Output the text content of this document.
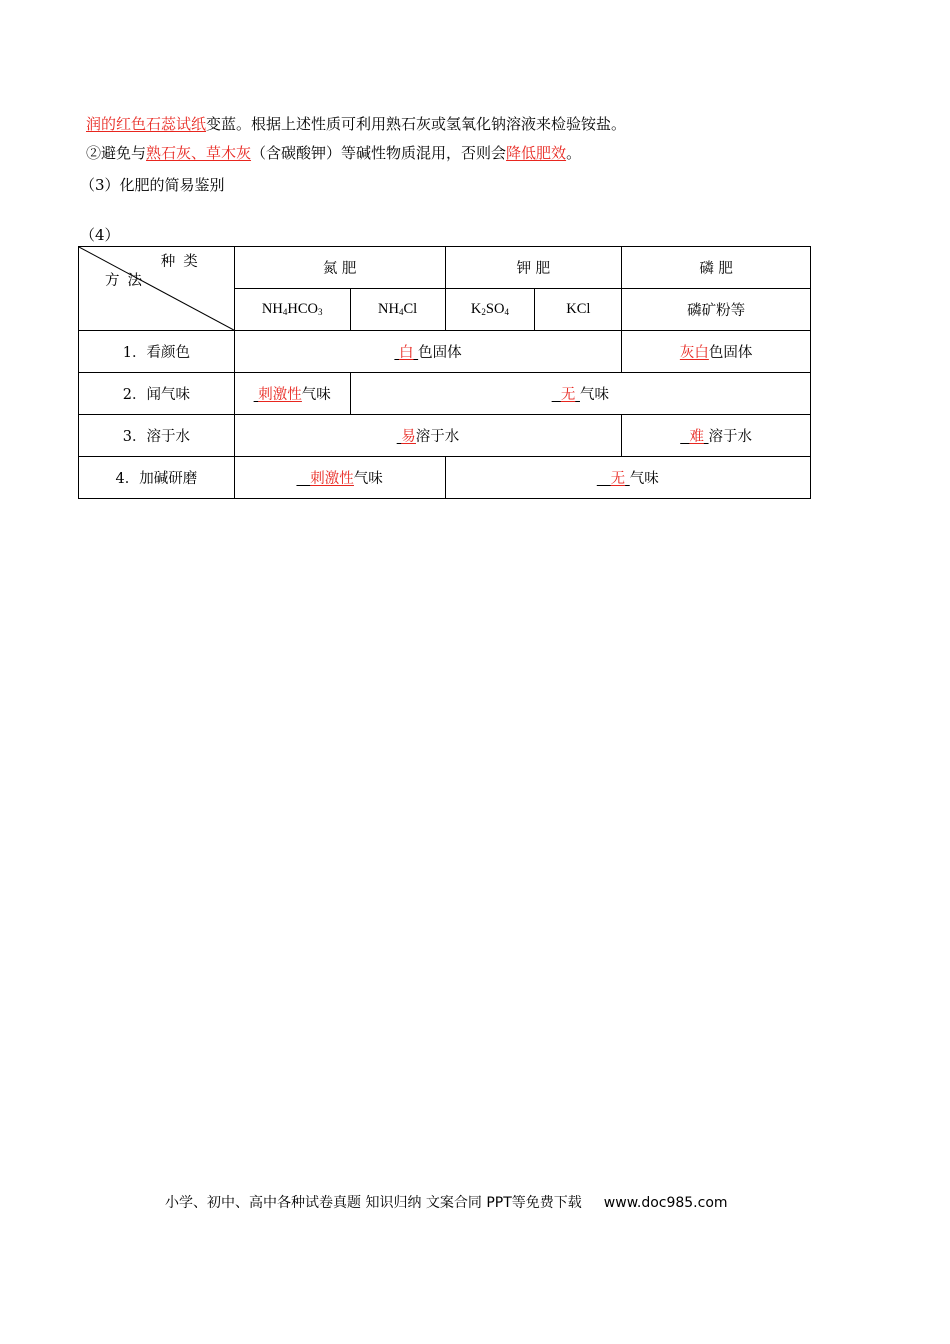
润的红色石蕊试纸变蓝。根据上述性质可利用熟石灰或氢氧化钠溶液来检验铵盐。
②避免与熟石灰、草木灰（含碳酸钾）等碱性物质混用，否则会降低肥效。
（3）化肥的简易鉴别
（4）
种类
方法	氮 肥		钾 肥		磷 肥
	$NH_4HCO_3$	$NH_4Cl$	$K_2SO_4$	KCl	磷矿粉等
1．看颜色	白 色固体				灰白色固体
2．闻气味	刺激性气味	无 气味			
3．溶于水	易溶于水				难 溶于水
4．加碱研磨	刺激性气味		无 气味		
小学、初中、高中各种试卷真题 知识归纳 文案合同 PPT等免费下载 www.doc985.com
